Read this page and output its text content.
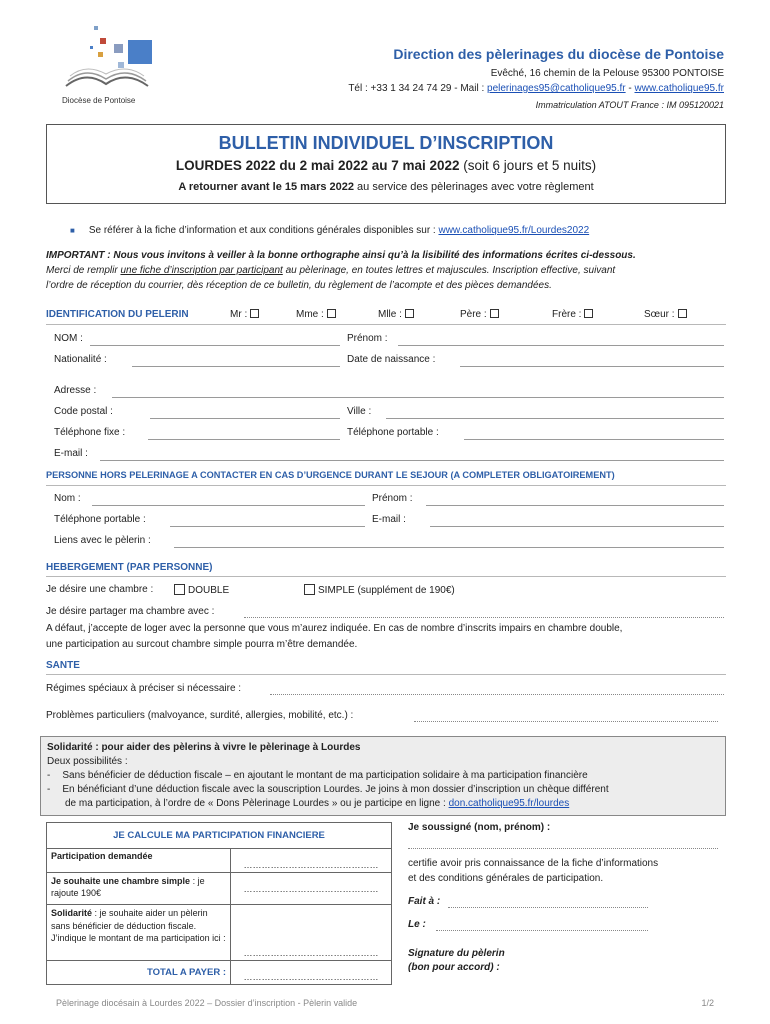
Diocèse de Pontoise
Direction des pèlerinages du diocèse de Pontoise
Evêché, 16 chemin de la Pelouse 95300 PONTOISE
Tél : +33 1 34 24 74 29 - Mail : pelerinages95@catholique95.fr - www.catholique95.fr
Immatriculation ATOUT France : IM 095120021
BULLETIN INDIVIDUEL D’INSCRIPTION
LOURDES 2022 du 2 mai 2022 au 7 mai 2022 (soit 6 jours et 5 nuits)
A retourner avant le 15 mars 2022 au service des pèlerinages avec votre règlement
■ Se référer à la fiche d’information et aux conditions générales disponibles sur : www.catholique95.fr/Lourdes2022
IMPORTANT : Nous vous invitons à veiller à la bonne orthographe ainsi qu’à la lisibilité des informations écrites ci-dessous.
Merci de remplir une fiche d’inscription par participant au pèlerinage, en toutes lettres et majuscules. Inscription effective, suivant
l’ordre de réception du courrier, dès réception de ce bulletin, du règlement de l’acompte et des pièces demandées.
IDENTIFICATION DU PELERIN	Mr :	Mme :	Mlle :	Père :	Frère :	Sœur :
NOM :	Prénom :
Nationalité :	Date de naissance :
Adresse :
Code postal :	Ville :
Téléphone fixe :	Téléphone portable :
E-mail :
PERSONNE HORS PELERINAGE A CONTACTER EN CAS D’URGENCE DURANT LE SEJOUR (A COMPLETER OBLIGATOIREMENT)
Nom :	Prénom :
Téléphone portable :	E-mail :
Liens avec le pèlerin :
HEBERGEMENT (PAR PERSONNE)
Je désire une chambre :	DOUBLE	SIMPLE (supplément de 190€)
Je désire partager ma chambre avec :
A défaut, j’accepte de loger avec la personne que vous m’aurez indiquée. En cas de nombre d’inscrits impairs en chambre double,
une participation au surcout chambre simple pourra m’être demandée.
SANTE
Régimes spéciaux à préciser si nécessaire :
Problèmes particuliers (malvoyance, surdité, allergies, mobilité, etc.) :
Solidarité : pour aider des pèlerins à vivre le pèlerinage à Lourdes
Deux possibilités :
- Sans bénéficier de déduction fiscale – en ajoutant le montant de ma participation solidaire à ma participation financière
- En bénéficiant d’une déduction fiscale avec la souscription Lourdes. Je joins à mon dossier d’inscription un chèque différent
de ma participation, à l’ordre de « Dons Pèlerinage Lourdes » ou je participe en ligne : don.catholique95.fr/lourdes
JE CALCULE MA PARTICIPATION FINANCIERE	
Participation demandée	………………………………………
Je souhaite une chambre simple : je rajoute 190€	………………………………………
Solidarité : je souhaite aider un pèlerin sans bénéficier de déduction fiscale. J’indique le montant de ma participation ici :	………………………………………
TOTAL A PAYER :	………………………………………
Je soussigné (nom, prénom) :
certifie avoir pris connaissance de la fiche d’informations
et des conditions générales de participation.
Fait à :
Le :
Signature du pèlerin
(bon pour accord) :
Pèlerinage diocésain à Lourdes 2022 – Dossier d’inscription - Pèlerin valide	1/2
